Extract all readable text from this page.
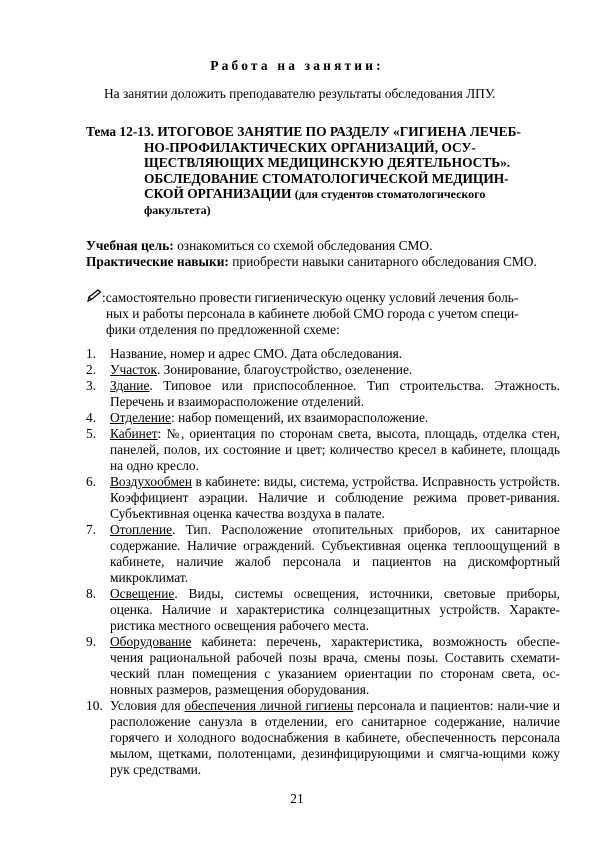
Работа на занятии:
На занятии доложить преподавателю результаты обследования ЛПУ.
Тема 12-13. ИТОГОВОЕ ЗАНЯТИЕ ПО РАЗДЕЛУ «ГИГИЕНА ЛЕЧЕБ-
НО-ПРОФИЛАКТИЧЕСКИХ ОРГАНИЗАЦИЙ, ОСУ-
ЩЕСТВЛЯЮЩИХ МЕДИЦИНСКУЮ ДЕЯТЕЛЬНОСТЬ».
ОБСЛЕДОВАНИЕ СТОМАТОЛОГИЧЕСКОЙ МЕДИЦИН-
СКОЙ ОРГАНИЗАЦИИ (для студентов стоматологического
факультета)
Учебная цель: ознакомиться со схемой обследования СМО.
Практические навыки: приобрести навыки санитарного обследования СМО.
:самостоятельно провести гигиеническую оценку условий лечения боль-
ных и работы персонала в кабинете любой СМО города с учетом специ-
фики отделения по предложенной схеме:
1. Название, номер и адрес СМО. Дата обследования.
2. Участок. Зонирование, благоустройство, озеленение.
3. Здание. Типовое или приспособленное. Тип строительства. Этажность. Перечень и взаиморасположение отделений.
4. Отделение: набор помещений, их взаиморасположение.
5. Кабинет: №, ориентация по сторонам света, высота, площадь, отделка стен, панелей, полов, их состояние и цвет; количество кресел в кабинете, площадь на одно кресло.
6. Воздухообмен в кабинете: виды, система, устройства. Исправность устройств. Коэффициент аэрации. Наличие и соблюдение режима провет-ривания. Субъективная оценка качества воздуха в палате.
7. Отопление. Тип. Расположение отопительных приборов, их санитарное содержание. Наличие ограждений. Субъективная оценка теплоощущений в кабинете, наличие жалоб персонала и пациентов на дискомфортный микроклимат.
8. Освещение. Виды, системы освещения, источники, световые приборы, оценка. Наличие и характеристика солнцезащитных устройств. Характе-ристика местного освещения рабочего места.
9. Оборудование кабинета: перечень, характеристика, возможность обеспе-чения рациональной рабочей позы врача, смены позы. Составить схемати-ческий план помещения с указанием ориентации по сторонам света, ос-новных размеров, размещения оборудования.
10. Условия для обеспечения личной гигиены персонала и пациентов: нали-чие и расположение санузла в отделении, его санитарное содержание, наличие горячего и холодного водоснабжения в кабинете, обеспеченность персонала мылом, щетками, полотенцами, дезинфицирующими и смягча-ющими кожу рук средствами.
21
